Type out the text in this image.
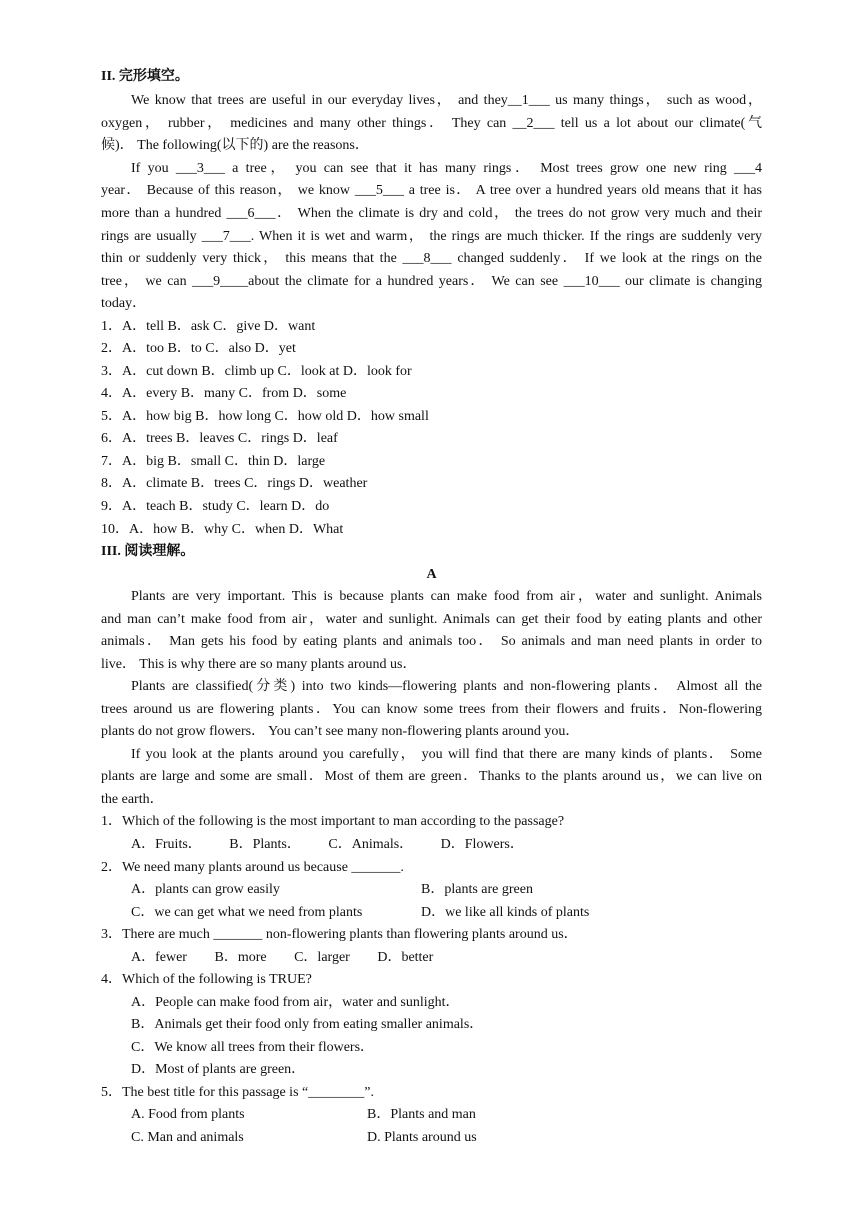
II. 完形填空。
We know that trees are useful in our everyday lives， and they__1___ us many things， such as wood，
oxygen， rubber， medicines and many other things． They can __2___ tell us a lot about our climate(气
候)． The following(以下的) are the reasons．
If you ___3___ a tree， you can see that it has many rings． Most trees grow one new ring ___4
year． Because of this reason， we know ___5___ a tree is． A tree over a hundred years old means that it has
more than a hundred ___6___． When the climate is dry and cold， the trees do not grow very much and their
rings are usually ___7___. When it is wet and warm， the rings are much thicker. If the rings are suddenly very
thin or suddenly very thick， this means that the ___8___ changed suddenly． If we look at the rings on the
tree， we can ___9____about the climate for a hundred years． We can see ___10___ our climate is changing
today．
1．A．tell B．ask C．give D．want
2．A．too B．to C．also D．yet
3．A．cut down B．climb up C．look at D．look for
4．A．every B．many C．from D．some
5．A．how big B．how long C．how old D．how small
6．A．trees B．leaves C．rings D．leaf
7．A．big B．small C．thin D．large
8．A．climate B．trees C．rings D．weather
9．A．teach B．study C．learn D．do
10．A．how B．why C．when D．What
III. 阅读理解。
A
Plants are very important. This is because plants can make food from air，water and sunlight. Animals
and man can’t make food from air，water and sunlight. Animals can get their food by eating plants and other
animals． Man gets his food by eating plants and animals too． So animals and man need plants in order to
live． This is why there are so many plants around us．
Plants are classified(分类) into two kinds—flowering plants and non-flowering plants． Almost all the
trees around us are flowering plants．You can know some trees from their flowers and fruits．Non-flowering
plants do not grow flowers． You can’t see many non-flowering plants around you．
If you look at the plants around you carefully， you will find that there are many kinds of plants． Some
plants are large and some are small．Most of them are green．Thanks to the plants around us，we can live on
the earth．
1．Which of the following is the most important to man according to the passage?
A．Fruits． B．Plants． C．Animals． D．Flowers．
2．We need many plants around us because _______.
A．plants can grow easily	B．plants are green
C．we can get what we need from plants	D．we like all kinds of plants
3．There are much _______ non-flowering plants than flowering plants around us．
A．fewer B．more C．larger D．better
4．Which of the following is TRUE?
A．People can make food from air，water and sunlight．
B．Animals get their food only from eating smaller animals．
C．We know all trees from their flowers．
D．Most of plants are green．
5．The best title for this passage is “________”.
A. Food from plants	B．Plants and man
C. Man and animals	D. Plants around us
